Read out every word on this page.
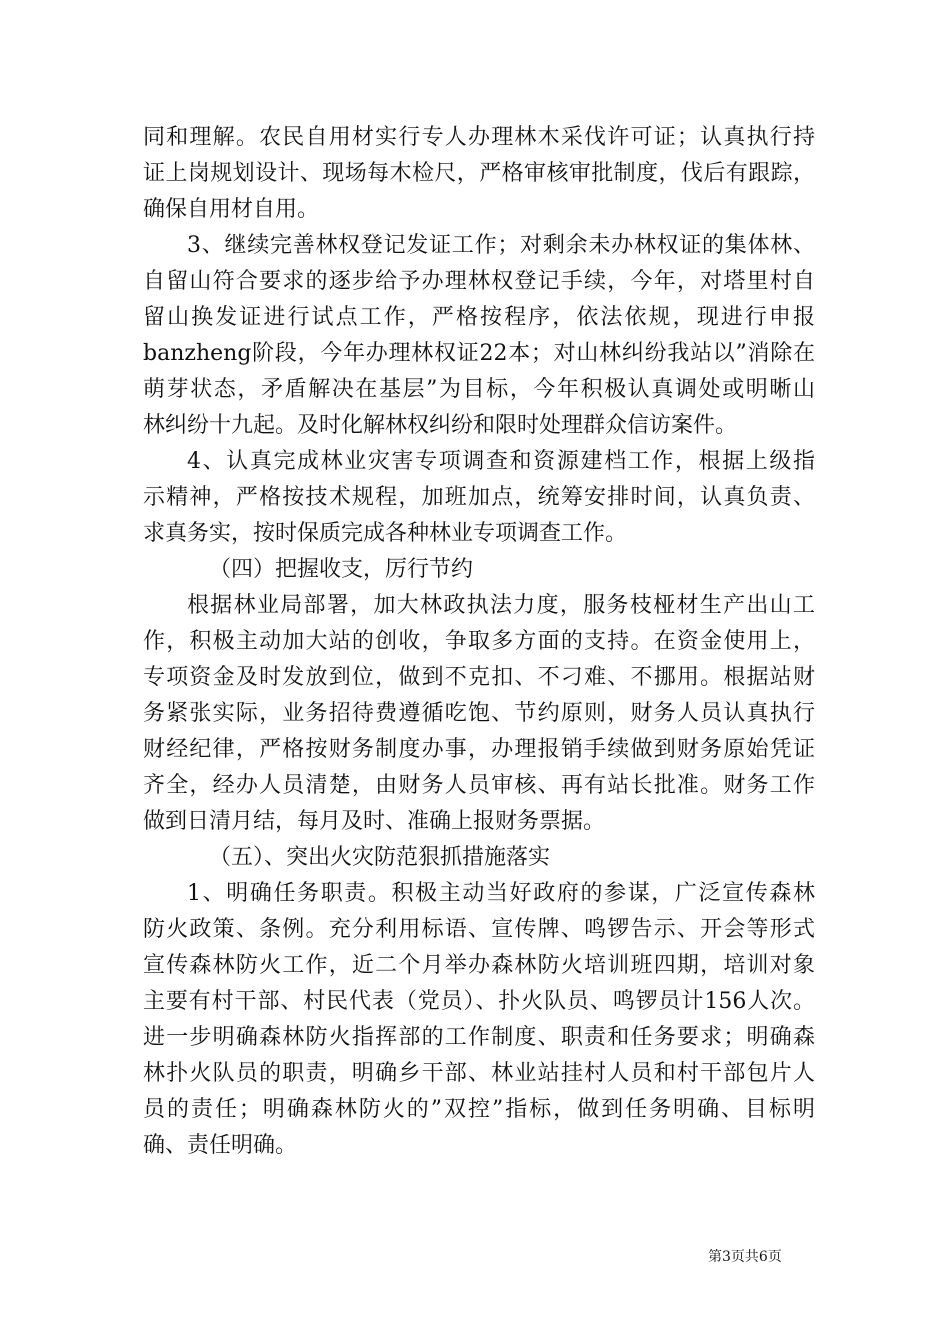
同和理解。农民自用材实行专人办理林木采伐许可证；认真执行持
证上岗规划设计、现场每木检尺，严格审核审批制度，伐后有跟踪，
确保自用材自用。
3、继续完善林权登记发证工作；对剩余未办林权证的集体林、
自留山符合要求的逐步给予办理林权登记手续，今年，对塔里村自
留山换发证进行试点工作，严格按程序，依法依规，现进行申报
banzheng阶段，今年办理林权证22本；对山林纠纷我站以”消除在
萌芽状态，矛盾解决在基层”为目标，今年积极认真调处或明晰山
林纠纷十九起。及时化解林权纠纷和限时处理群众信访案件。
4、认真完成林业灾害专项调查和资源建档工作，根据上级指
示精神，严格按技术规程，加班加点，统筹安排时间，认真负责、
求真务实，按时保质完成各种林业专项调查工作。
（四）把握收支，厉行节约
根据林业局部署，加大林政执法力度，服务枝桠材生产出山工
作，积极主动加大站的创收，争取多方面的支持。在资金使用上，
专项资金及时发放到位，做到不克扣、不刁难、不挪用。根据站财
务紧张实际，业务招待费遵循吃饱、节约原则，财务人员认真执行
财经纪律，严格按财务制度办事，办理报销手续做到财务原始凭证
齐全，经办人员清楚，由财务人员审核、再有站长批准。财务工作
做到日清月结，每月及时、准确上报财务票据。
（五）、突出火灾防范狠抓措施落实
1、明确任务职责。积极主动当好政府的参谋，广泛宣传森林
防火政策、条例。充分利用标语、宣传牌、鸣锣告示、开会等形式
宣传森林防火工作，近二个月举办森林防火培训班四期，培训对象
主要有村干部、村民代表（党员）、扑火队员、鸣锣员计156人次。
进一步明确森林防火指挥部的工作制度、职责和任务要求；明确森
林扑火队员的职责，明确乡干部、林业站挂村人员和村干部包片人
员的责任；明确森林防火的”双控”指标，做到任务明确、目标明
确、责任明确。
第3页共6页
